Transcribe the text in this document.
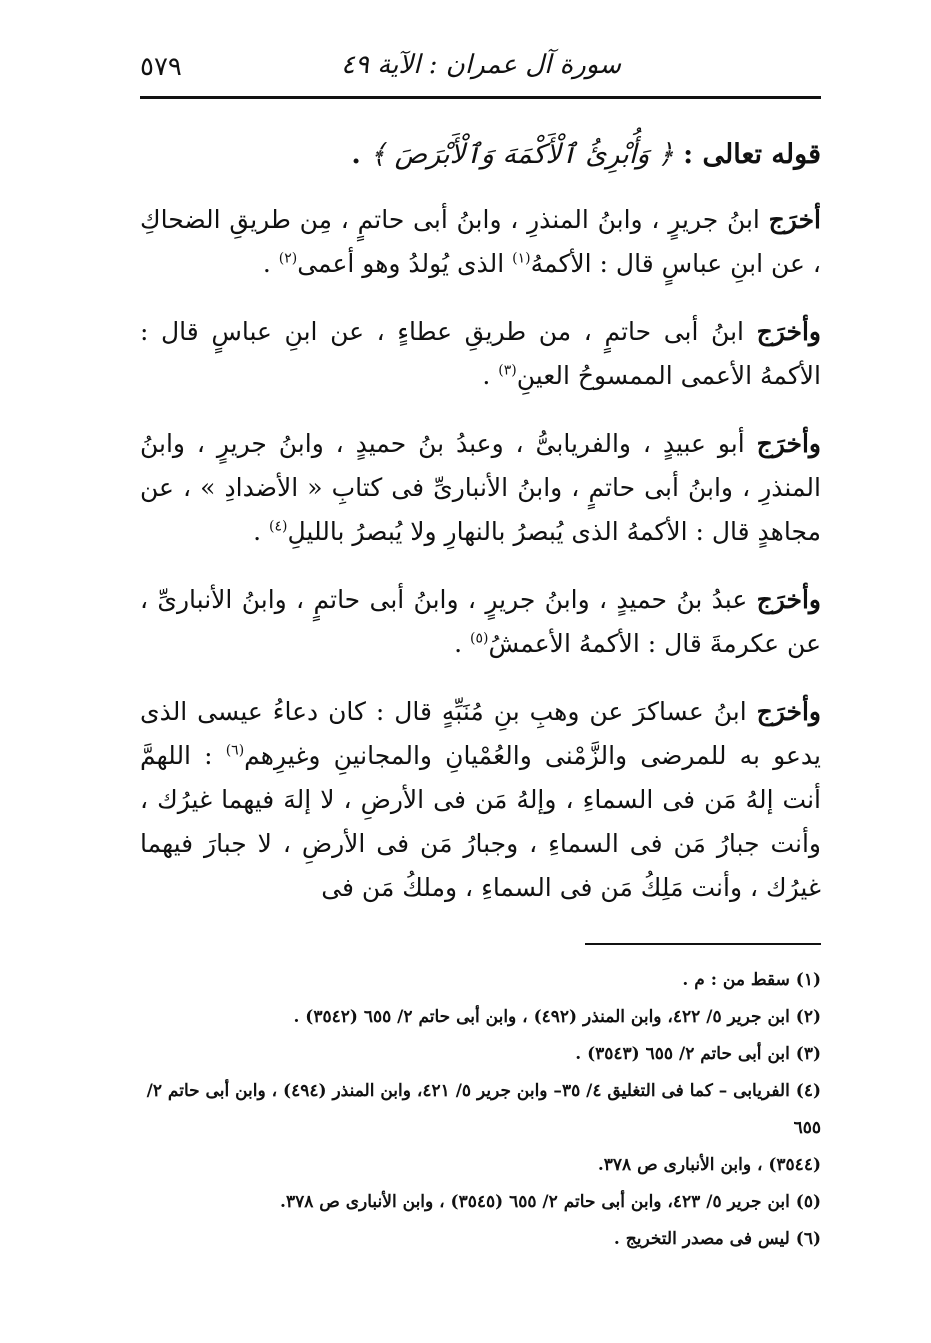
سورة آل عمران : الآية ٤٩
٥٧٩
قوله تعالى : ﴿ وَأُبْرِئُ ٱلْأَكْمَهَ وَٱلْأَبْرَصَ ﴾ .

أخرَج ابنُ جريرٍ ، وابنُ المنذرِ ، وابنُ أبى حاتمٍ ، مِن طريقِ الضحاكِ ، عن ابنِ عباسٍ قال : الأكمهُ$^{(١)}$ الذى يُولدُ وهو أعمى$^{(٢)}$ .

وأخرَج ابنُ أبى حاتمٍ ، من طريقِ عطاءٍ ، عن ابنِ عباسٍ قال : الأكمهُ الأعمى الممسوحُ العينِ$^{(٣)}$ .

وأخرَج أبو عبيدٍ ، والفريابىُّ ، وعبدُ بنُ حميدٍ ، وابنُ جريرٍ ، وابنُ المنذرِ ، وابنُ أبى حاتمٍ ، وابنُ الأنبارىِّ فى كتابِ « الأضدادِ » ، عن مجاهدٍ قال : الأكمهُ الذى يُبصرُ بالنهارِ ولا يُبصرُ بالليلِ$^{(٤)}$ .

وأخرَج عبدُ بنُ حميدٍ ، وابنُ جريرٍ ، وابنُ أبى حاتمٍ ، وابنُ الأنبارىِّ ، عن عكرمةَ قال : الأكمهُ الأعمشُ$^{(٥)}$ .

وأخرَج ابنُ عساكرَ عن وهبِ بنِ مُنَبِّهٍ قال : كان دعاءُ عيسى الذى يدعو به للمرضى والزَّمْنى والعُمْيانِ والمجانينِ وغيرِهم$^{(٦)}$ : اللهمَّ أنت إلهُ مَن فى السماءِ ، وإلهُ مَن فى الأرضِ ، لا إلهَ فيهما غيرُك ، وأنت جبارُ مَن فى السماءِ ، وجبارُ مَن فى الأرضِ ، لا جبارَ فيهما غيرُك ، وأنت مَلِكُ مَن فى السماءِ ، وملكُ مَن فى

(١) سقط من : م .

(٢) ابن جرير ٥/ ٤٢٢، وابن المنذر (٤٩٢) ، وابن أبى حاتم ٢/ ٦٥٥ (٣٥٤٢) .

(٣) ابن أبى حاتم ٢/ ٦٥٥ (٣٥٤٣) .

(٤) الفريابى – كما فى التغليق ٤/ ٣٥– وابن جرير ٥/ ٤٢١، وابن المنذر (٤٩٤) ، وابن أبى حاتم ٢/ ٦٥٥

(٣٥٤٤) ، وابن الأنبارى ص ٣٧٨.

(٥) ابن جرير ٥/ ٤٢٣، وابن أبى حاتم ٢/ ٦٥٥ (٣٥٤٥) ، وابن الأنبارى ص ٣٧٨.

(٦) ليس فى مصدر التخريج .
